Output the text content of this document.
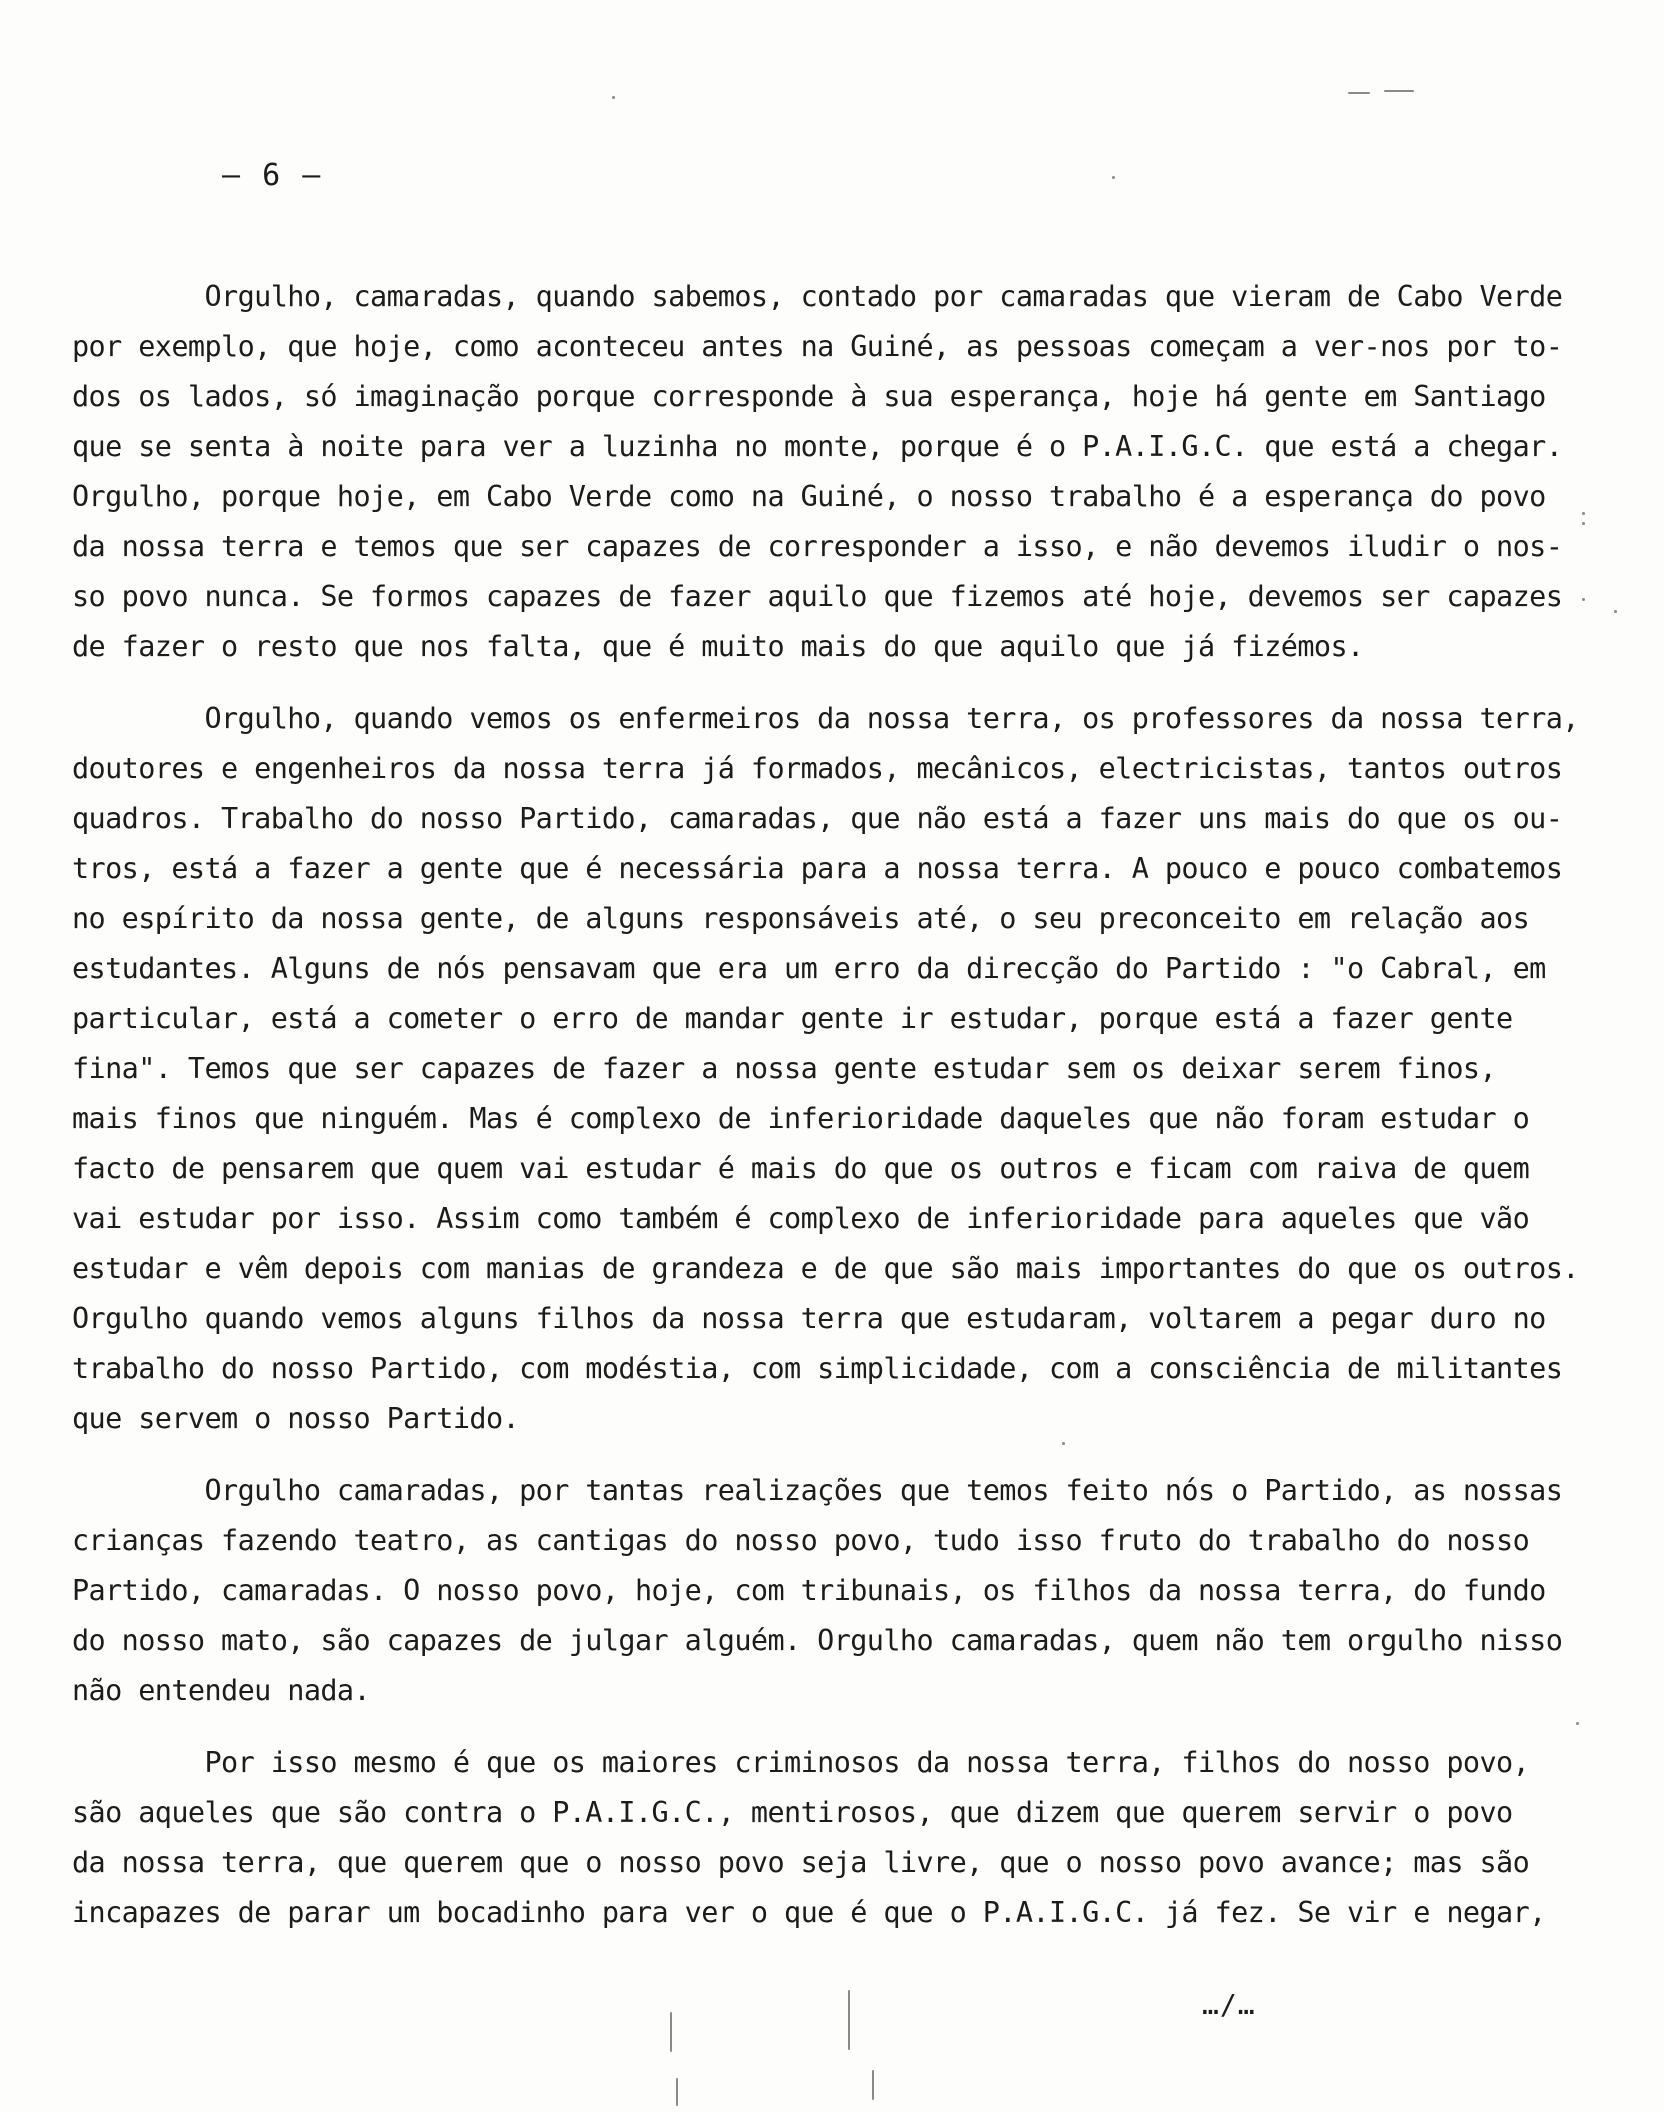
– 6 –
Orgulho, camaradas, quando sabemos, contado por camaradas que vieram de Cabo Verde
por exemplo, que hoje, como aconteceu antes na Guiné, as pessoas começam a ver-nos por to-
dos os lados, só imaginação porque corresponde à sua esperança, hoje há gente em Santiago
que se senta à noite para ver a luzinha no monte, porque é o P.A.I.G.C. que está a chegar.
Orgulho, porque hoje, em Cabo Verde como na Guiné, o nosso trabalho é a esperança do povo
da nossa terra e temos que ser capazes de corresponder a isso, e não devemos iludir o nos-
so povo nunca. Se formos capazes de fazer aquilo que fizemos até hoje, devemos ser capazes
de fazer o resto que nos falta, que é muito mais do que aquilo que já fizémos.
Orgulho, quando vemos os enfermeiros da nossa terra, os professores da nossa terra,
doutores e engenheiros da nossa terra já formados, mecânicos, electricistas, tantos outros
quadros. Trabalho do nosso Partido, camaradas, que não está a fazer uns mais do que os ou-
tros, está a fazer a gente que é necessária para a nossa terra. A pouco e pouco combatemos
no espírito da nossa gente, de alguns responsáveis até, o seu preconceito em relação aos
estudantes. Alguns de nós pensavam que era um erro da direcção do Partido : "o Cabral, em
particular, está a cometer o erro de mandar gente ir estudar, porque está a fazer gente
fina". Temos que ser capazes de fazer a nossa gente estudar sem os deixar serem finos,
mais finos que ninguém. Mas é complexo de inferioridade daqueles que não foram estudar o
facto de pensarem que quem vai estudar é mais do que os outros e ficam com raiva de quem
vai estudar por isso. Assim como também é complexo de inferioridade para aqueles que vão
estudar e vêm depois com manias de grandeza e de que são mais importantes do que os outros.
Orgulho quando vemos alguns filhos da nossa terra que estudaram, voltarem a pegar duro no
trabalho do nosso Partido, com modéstia, com simplicidade, com a consciência de militantes
que servem o nosso Partido.
Orgulho camaradas, por tantas realizações que temos feito nós o Partido, as nossas
crianças fazendo teatro, as cantigas do nosso povo, tudo isso fruto do trabalho do nosso
Partido, camaradas. O nosso povo, hoje, com tribunais, os filhos da nossa terra, do fundo
do nosso mato, são capazes de julgar alguém. Orgulho camaradas, quem não tem orgulho nisso
não entendeu nada.
Por isso mesmo é que os maiores criminosos da nossa terra, filhos do nosso povo,
são aqueles que são contra o P.A.I.G.C., mentirosos, que dizem que querem servir o povo
da nossa terra, que querem que o nosso povo seja livre, que o nosso povo avance; mas são
incapazes de parar um bocadinho para ver o que é que o P.A.I.G.C. já fez. Se vir e negar,
…/…
